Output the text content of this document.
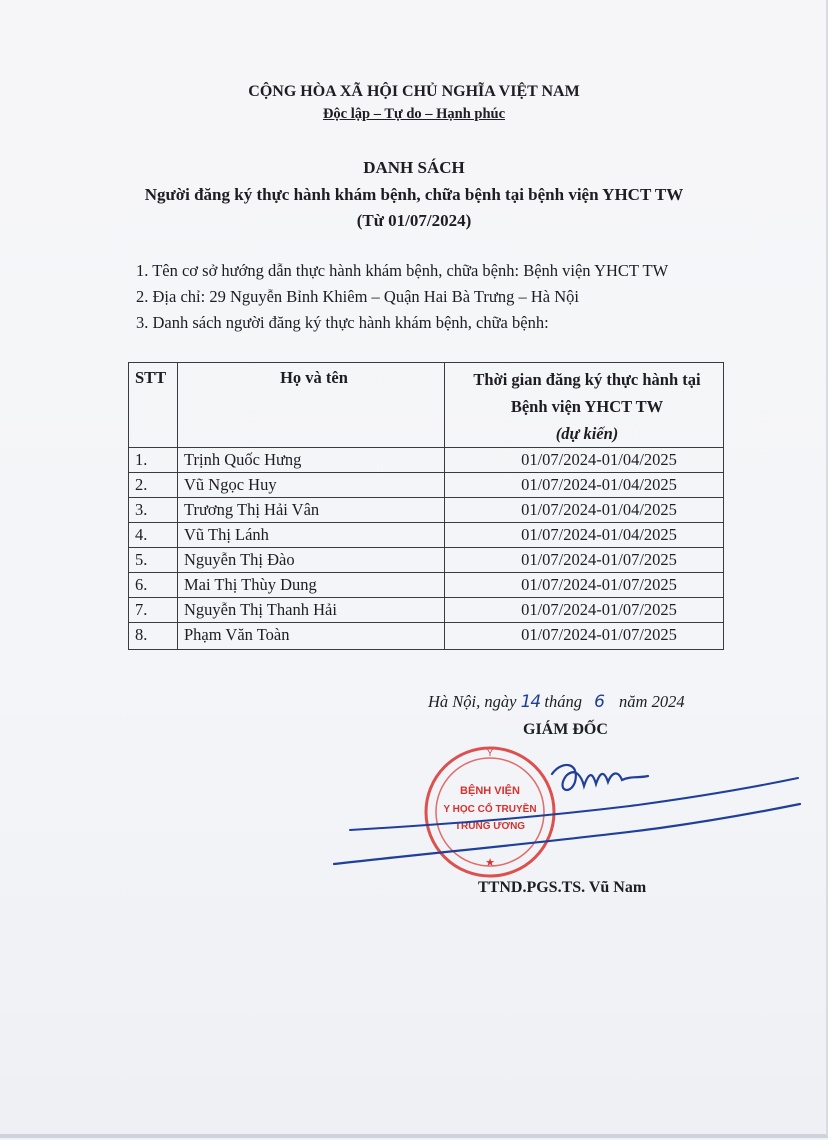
CỘNG HÒA XÃ HỘI CHỦ NGHĨA VIỆT NAM
Độc lập – Tự do – Hạnh phúc
DANH SÁCH
Người đăng ký thực hành khám bệnh, chữa bệnh tại bệnh viện YHCT TW
(Từ 01/07/2024)
1. Tên cơ sở hướng dẫn thực hành khám bệnh, chữa bệnh: Bệnh viện YHCT TW
2. Địa chỉ: 29 Nguyễn Bỉnh Khiêm – Quận Hai Bà Trưng – Hà Nội
3. Danh sách người đăng ký thực hành khám bệnh, chữa bệnh:
STT	Họ và tên	Thời gian đăng ký thực hành tại
Bệnh viện YHCT TW
(dự kiến)
1.	Trịnh Quốc Hưng	01/07/2024-01/04/2025
2.	Vũ Ngọc Huy	01/07/2024-01/04/2025
3.	Trương Thị Hải Vân	01/07/2024-01/04/2025
4.	Vũ Thị Lánh	01/07/2024-01/04/2025
5.	Nguyễn Thị Đào	01/07/2024-01/07/2025
6.	Mai Thị Thùy Dung	01/07/2024-01/07/2025
7.	Nguyễn Thị Thanh Hải	01/07/2024-01/07/2025
8.	Phạm Văn Toàn	01/07/2024-01/07/2025
Hà Nội, ngày 14 tháng 6 năm 2024
GIÁM ĐỐC
Y
BỆNH VIỆN
Y HỌC CỔ TRUYỀN
TRUNG ƯƠNG
★
TTND.PGS.TS. Vũ Nam
